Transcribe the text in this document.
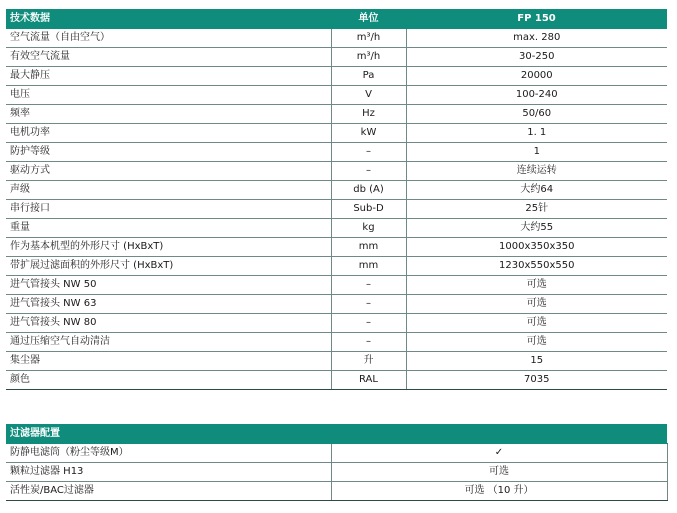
技术数据	单位	FP 150
空气流量（自由空气）	m³/h	max. 280
有效空气流量	m³/h	30-250
最大静压	Pa	20000
电压	V	100-240
频率	Hz	50/60
电机功率	kW	1. 1
防护等级	–	1
驱动方式	–	连续运转
声级	db (A)	大约64
串行接口	Sub-D	25针
重量	kg	大约55
作为基本机型的外形尺寸 (HxBxT)	mm	1000x350x350
带扩展过滤面积的外形尺寸 (HxBxT)	mm	1230x550x550
进气管接头 NW 50	–	可选
进气管接头 NW 63	–	可选
进气管接头 NW 80	–	可选
通过压缩空气自动清洁	–	可选
集尘器	升	15
颜色	RAL	7035
过滤器配置	
防静电滤筒（粉尘等级M）	✓
颗粒过滤器 H13	可选
活性炭/BAC过滤器	可选 （10 升）
